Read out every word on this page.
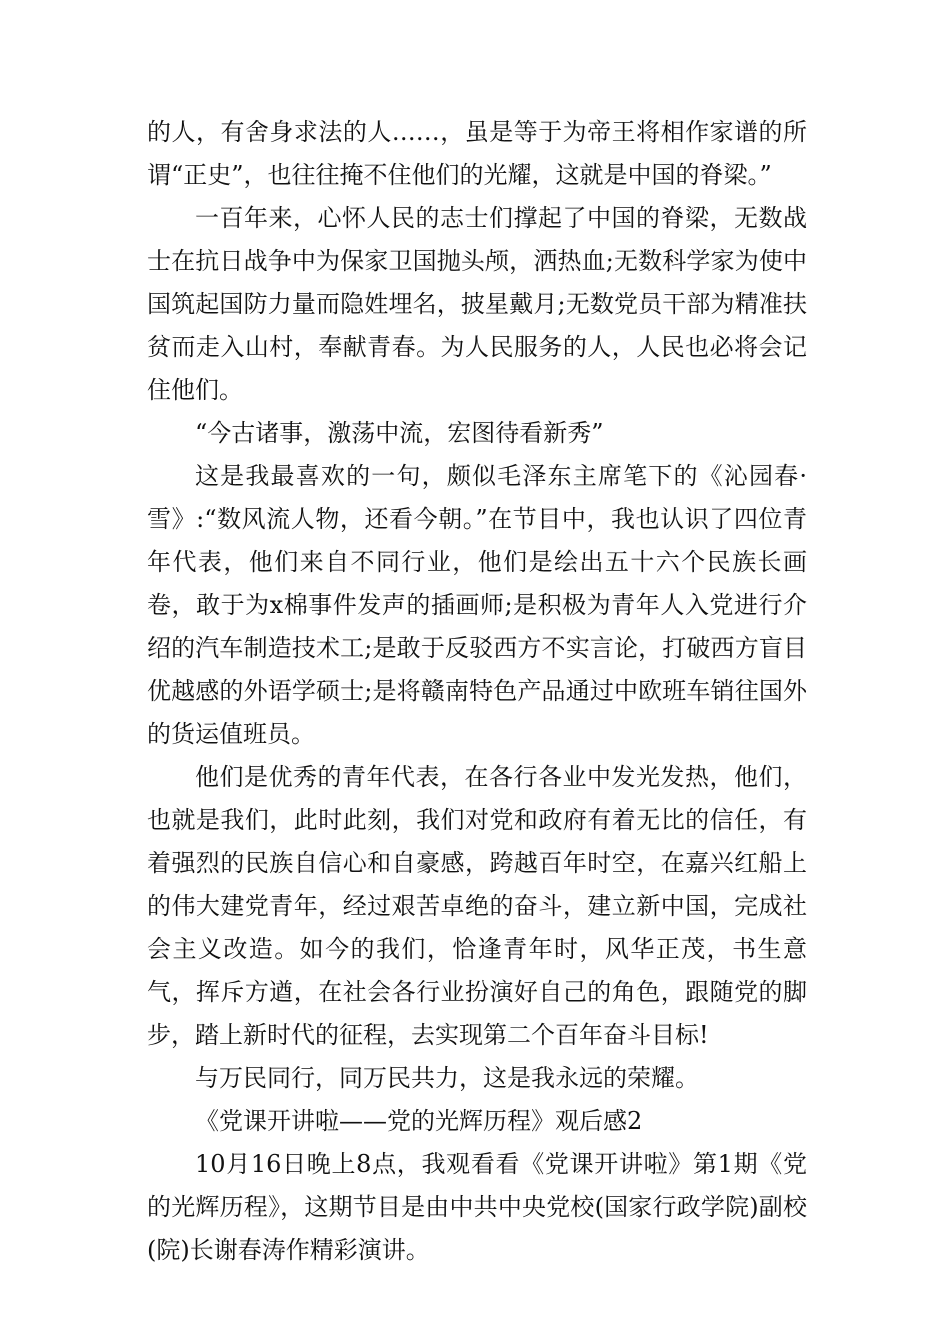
的人，有舍身求法的人……，虽是等于为帝王将相作家谱的所谓“正史”，也往往掩不住他们的光耀，这就是中国的脊梁。”

一百年来，心怀人民的志士们撑起了中国的脊梁，无数战士在抗日战争中为保家卫国抛头颅，洒热血;无数科学家为使中国筑起国防力量而隐姓埋名，披星戴月;无数党员干部为精准扶贫而走入山村，奉献青春。为人民服务的人，人民也必将会记住他们。

“今古诸事，激荡中流，宏图待看新秀”

这是我最喜欢的一句，颇似毛泽东主席笔下的《沁园春·雪》:“数风流人物，还看今朝。”在节目中，我也认识了四位青年代表，他们来自不同行业，他们是绘出五十六个民族长画卷，敢于为x棉事件发声的插画师;是积极为青年人入党进行介绍的汽车制造技术工;是敢于反驳西方不实言论，打破西方盲目优越感的外语学硕士;是将赣南特色产品通过中欧班车销往国外的货运值班员。

他们是优秀的青年代表，在各行各业中发光发热，他们，也就是我们，此时此刻，我们对党和政府有着无比的信任，有着强烈的民族自信心和自豪感，跨越百年时空，在嘉兴红船上的伟大建党青年，经过艰苦卓绝的奋斗，建立新中国，完成社会主义改造。如今的我们，恰逢青年时，风华正茂，书生意气，挥斥方遒，在社会各行业扮演好自己的角色，跟随党的脚步，踏上新时代的征程，去实现第二个百年奋斗目标!

与万民同行，同万民共力，这是我永远的荣耀。

《党课开讲啦——党的光辉历程》观后感2

10月16日晚上8点，我观看看《党课开讲啦》第1期《党的光辉历程》，这期节目是由中共中央党校(国家行政学院)副校(院)长谢春涛作精彩演讲。
